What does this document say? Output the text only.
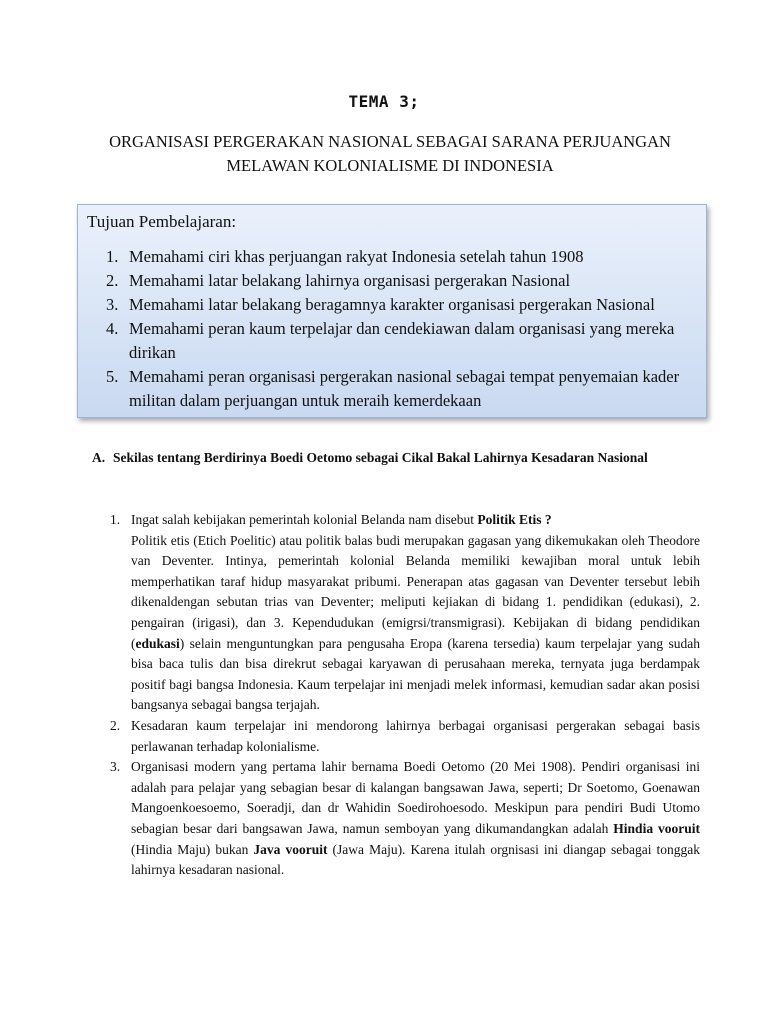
TEMA 3;
ORGANISASI PERGERAKAN NASIONAL SEBAGAI SARANA PERJUANGAN
MELAWAN KOLONIALISME DI INDONESIA
Tujuan Pembelajaran:
1. Memahami ciri khas perjuangan rakyat Indonesia setelah tahun 1908
2. Memahami latar belakang lahirnya organisasi pergerakan Nasional
3. Memahami latar belakang beragamnya karakter organisasi pergerakan Nasional
4. Memahami peran kaum terpelajar dan cendekiawan dalam organisasi yang mereka dirikan
5. Memahami peran organisasi pergerakan nasional sebagai tempat penyemaian kader militan dalam perjuangan untuk meraih kemerdekaan
A. Sekilas tentang Berdirinya Boedi Oetomo sebagai Cikal Bakal Lahirnya Kesadaran Nasional
1. Ingat salah kebijakan pemerintah kolonial Belanda nam disebut Politik Etis ?
Politik etis (Etich Poelitic) atau politik balas budi merupakan gagasan yang dikemukakan oleh Theodore van Deventer. Intinya, pemerintah kolonial Belanda memiliki kewajiban moral untuk lebih memperhatikan taraf hidup masyarakat pribumi. Penerapan atas gagasan van Deventer tersebut lebih dikenaldengan sebutan trias van Deventer; meliputi kejiakan di bidang 1. pendidikan (edukasi), 2. pengairan (irigasi), dan 3. Kependudukan (emigrsi/transmigrasi). Kebijakan di bidang pendidikan (edukasi) selain menguntungkan para pengusaha Eropa (karena tersedia) kaum terpelajar yang sudah bisa baca tulis dan bisa direkrut sebagai karyawan di perusahaan mereka, ternyata juga berdampak positif bagi bangsa Indonesia. Kaum terpelajar ini menjadi melek informasi, kemudian sadar akan posisi bangsanya sebagai bangsa terjajah.
2. Kesadaran kaum terpelajar ini mendorong lahirnya berbagai organisasi pergerakan sebagai basis perlawanan terhadap kolonialisme.
3. Organisasi modern yang pertama lahir bernama Boedi Oetomo (20 Mei 1908). Pendiri organisasi ini adalah para pelajar yang sebagian besar di kalangan bangsawan Jawa, seperti; Dr Soetomo, Goenawan Mangoenkoesoemo, Soeradji, dan dr Wahidin Soedirohoesodo. Meskipun para pendiri Budi Utomo sebagian besar dari bangsawan Jawa, namun semboyan yang dikumandangkan adalah Hindia vooruit (Hindia Maju) bukan Java vooruit (Jawa Maju). Karena itulah orgnisasi ini diangap sebagai tonggak lahirnya kesadaran nasional.
